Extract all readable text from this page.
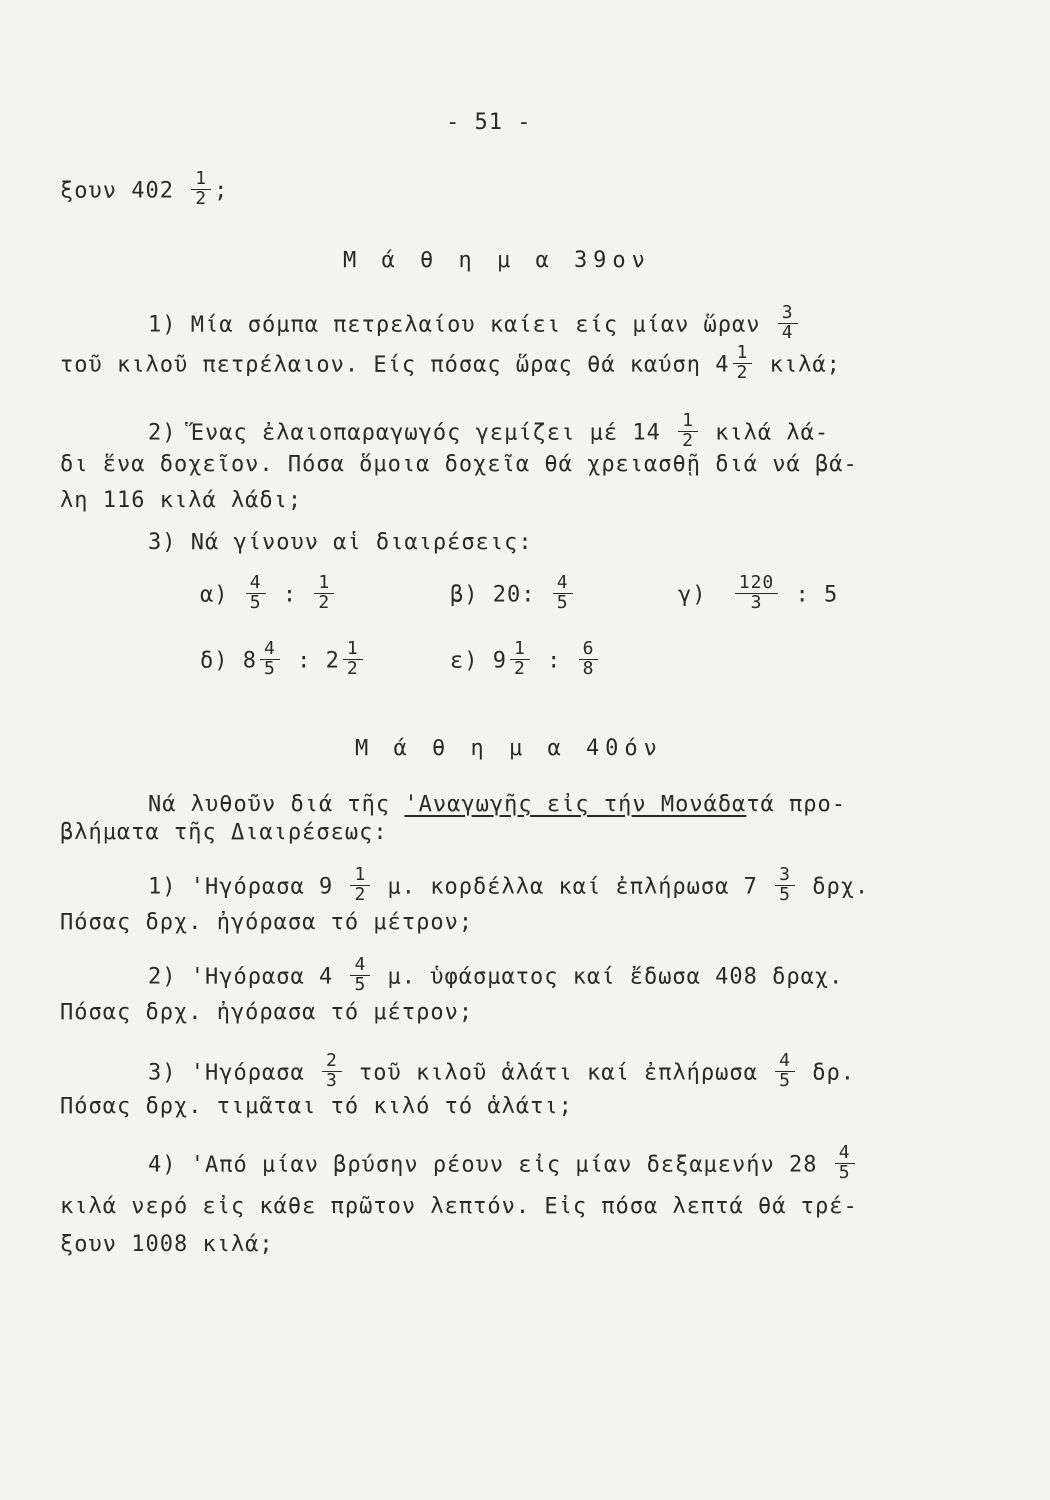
- 51 -
ξουν $402 \frac{1}{2}$ ;
Μ ά θ η μ α 39ον
1) Μία σόμπα πετρελαίου καίει είς μίαν ὥραν $\frac{3}{4}$
τοῦ κιλοῦ πετρέλαιον. Είς πόσας ὥρας θά καύση $4 \frac{1}{2} \kappa\iota\lambda ά$;
2) Ἕνας ἐλαιοπαραγωγός γεμίζει μέ $14 \frac{1}{2}$ κιλά λά-
δι ἕνα δοχεῖον. Πόσα ὅμοια δοχεῖα θά χρειασθῇ διά νά βά-
λη 116 κιλά λάδι;
3) Νά γίνουν αἱ διαιρέσεις:
$\alpha) \frac{4}{5}$ : $\frac{1}{2}$	β) 20: $\frac{4}{5}$	$\gamma) \frac{120}{3}$ : 5
δ) $8 \frac{4}{5}$ : $2 \frac{1}{2}$	ε) $9 \frac{1}{2}$ : $\frac{6}{8}$
Μ ά θ η μ α 40όν
Νά λυθοῦν διά τῆς 'Αναγωγῆς εἰς τήν Μονάδατά προ-
βλήματα τῆς Διαιρέσεως:
1) 'Ηγόρασα $9 \frac{1}{2} \mu$. κορδέλλα καί ἐπλήρωσα $7 \frac{3}{5} \delta\rho\chi$.
Πόσας δρχ. ἠγόρασα τό μέτρον;
2) 'Ηγόρασα $4 \frac{4}{5} \mu$. ὑφάσματος καί ἔδωσα 408 δραχ.
Πόσας δρχ. ἠγόρασα τό μέτρον;
3) '$H\gamma ό\rho\alpha\sigma\alpha \frac{2}{3}$ τοῦ κιλοῦ ἁλάτι καί ἐπλήρωσα $\frac{4}{5} \delta\rho$.
Πόσας δρχ. τιμᾶται τό κιλό τό ἁλάτι;
4) 'Από μίαν βρύσην ρέουν εἰς μίαν δεξαμενήν $28 \frac{4}{5}$
κιλά νερό εἰς κάθε πρῶτον λεπτόν. Εἰς πόσα λεπτά θά τρέ-
ξουν 1008 κιλά;
